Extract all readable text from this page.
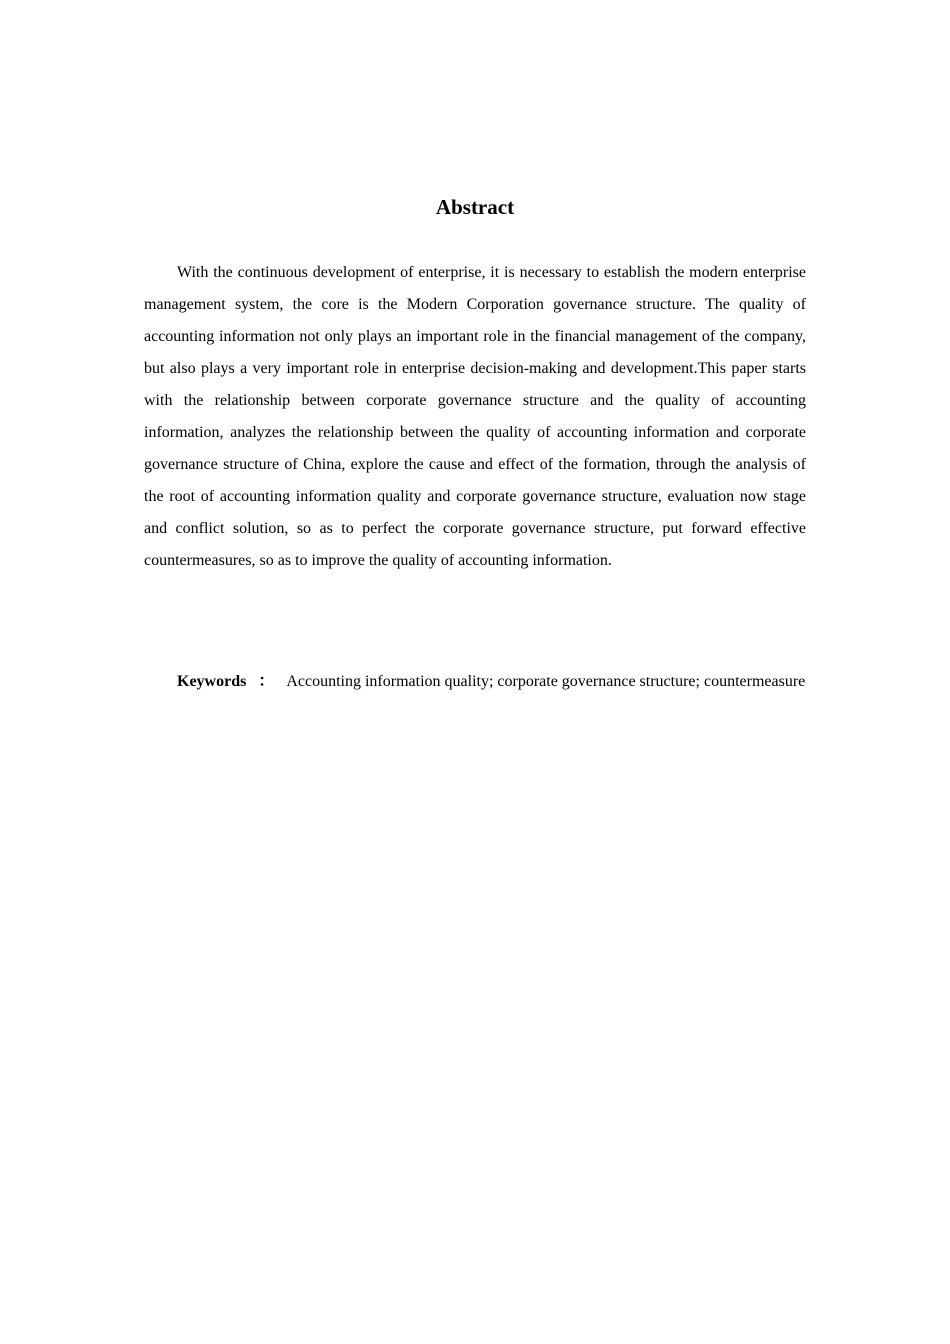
Abstract

With the continuous development of enterprise, it is necessary to establish the modern enterprise management system, the core is the Modern Corporation governance structure. The quality of accounting information not only plays an important role in the financial management of the company, but also plays a very important role in enterprise decision-making and development.This paper starts with the relationship between corporate governance structure and the quality of accounting information, analyzes the relationship between the quality of accounting information and corporate governance structure of China, explore the cause and effect of the formation, through the analysis of the root of accounting information quality and corporate governance structure, evaluation now stage and conflict solution, so as to perfect the corporate governance structure, put forward effective countermeasures, so as to improve the quality of accounting information.

Keywords ： Accounting information quality; corporate governance structure; countermeasure
